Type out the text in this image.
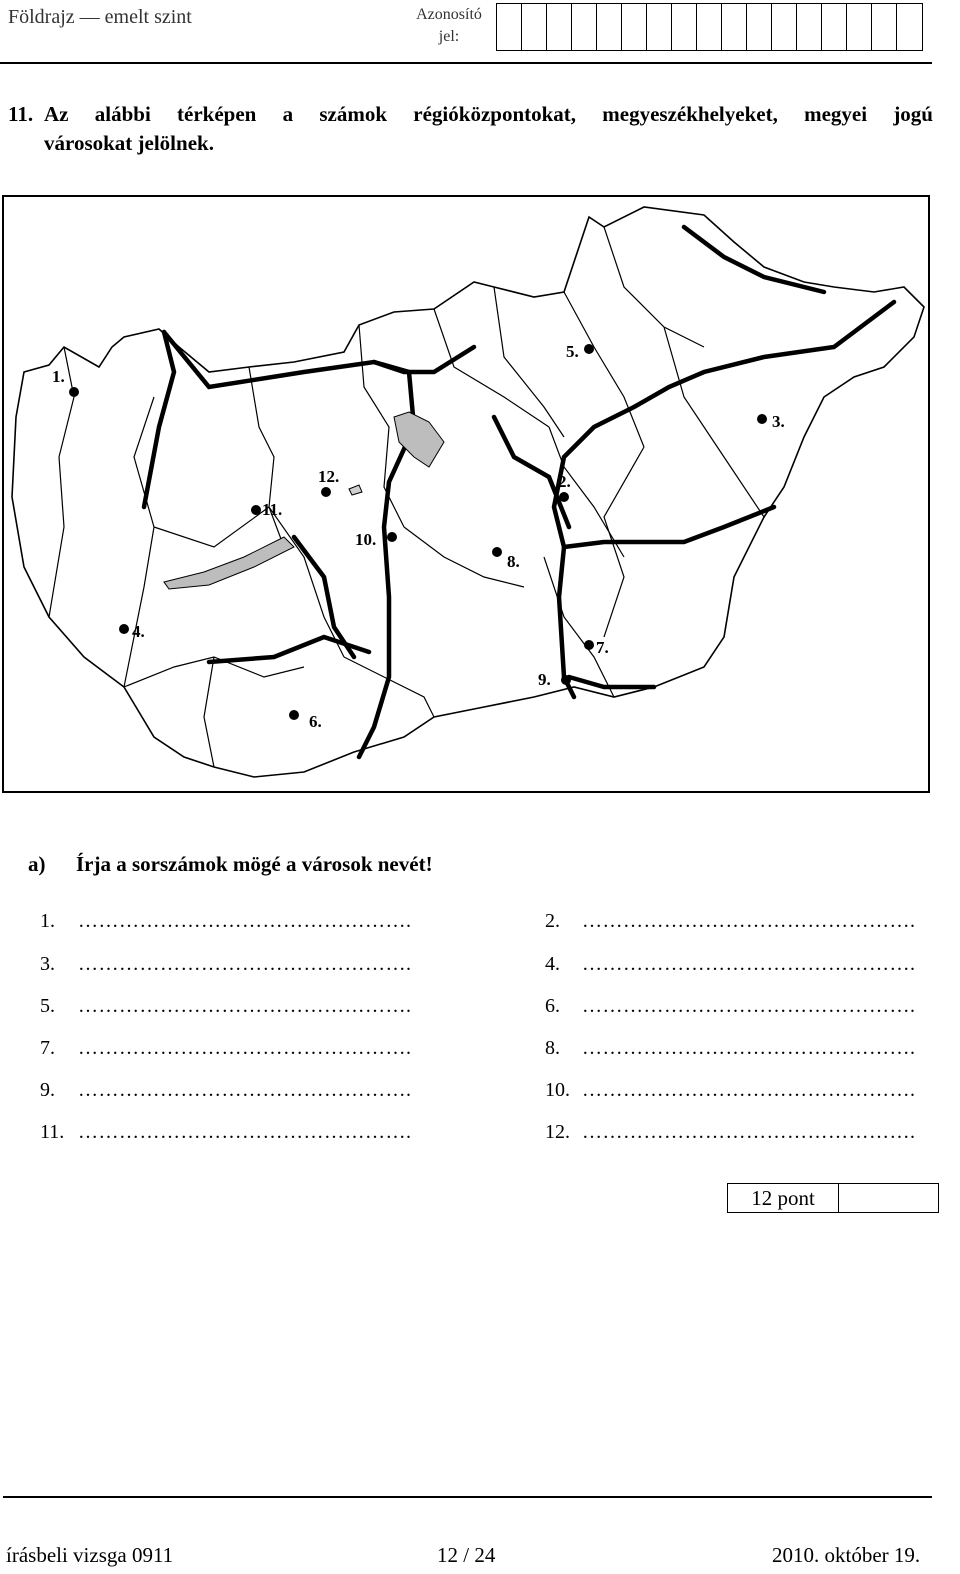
Földrajz — emelt szint	Azonosító
jel:
11. Az alábbi térképen a számok régióközpontokat, megyeszékhelyeket, megyei jogú
városokat jelölnek.
1.
2.
3.
4.
5.
6.
7.
8.
9.
10.
11.
12.
a) Írja a sorszámok mögé a városok nevét!
1. ………………………………………….	2. ………………………………………….
3. ………………………………………….	4. ………………………………………….
5. ………………………………………….	6. ………………………………………….
7. ………………………………………….	8. ………………………………………….
9. ………………………………………….	10. ………………………………………….
11. ………………………………………….	12. ………………………………………….
12 pont
írásbeli vizsga 0911	12 / 24	2010. október 19.
